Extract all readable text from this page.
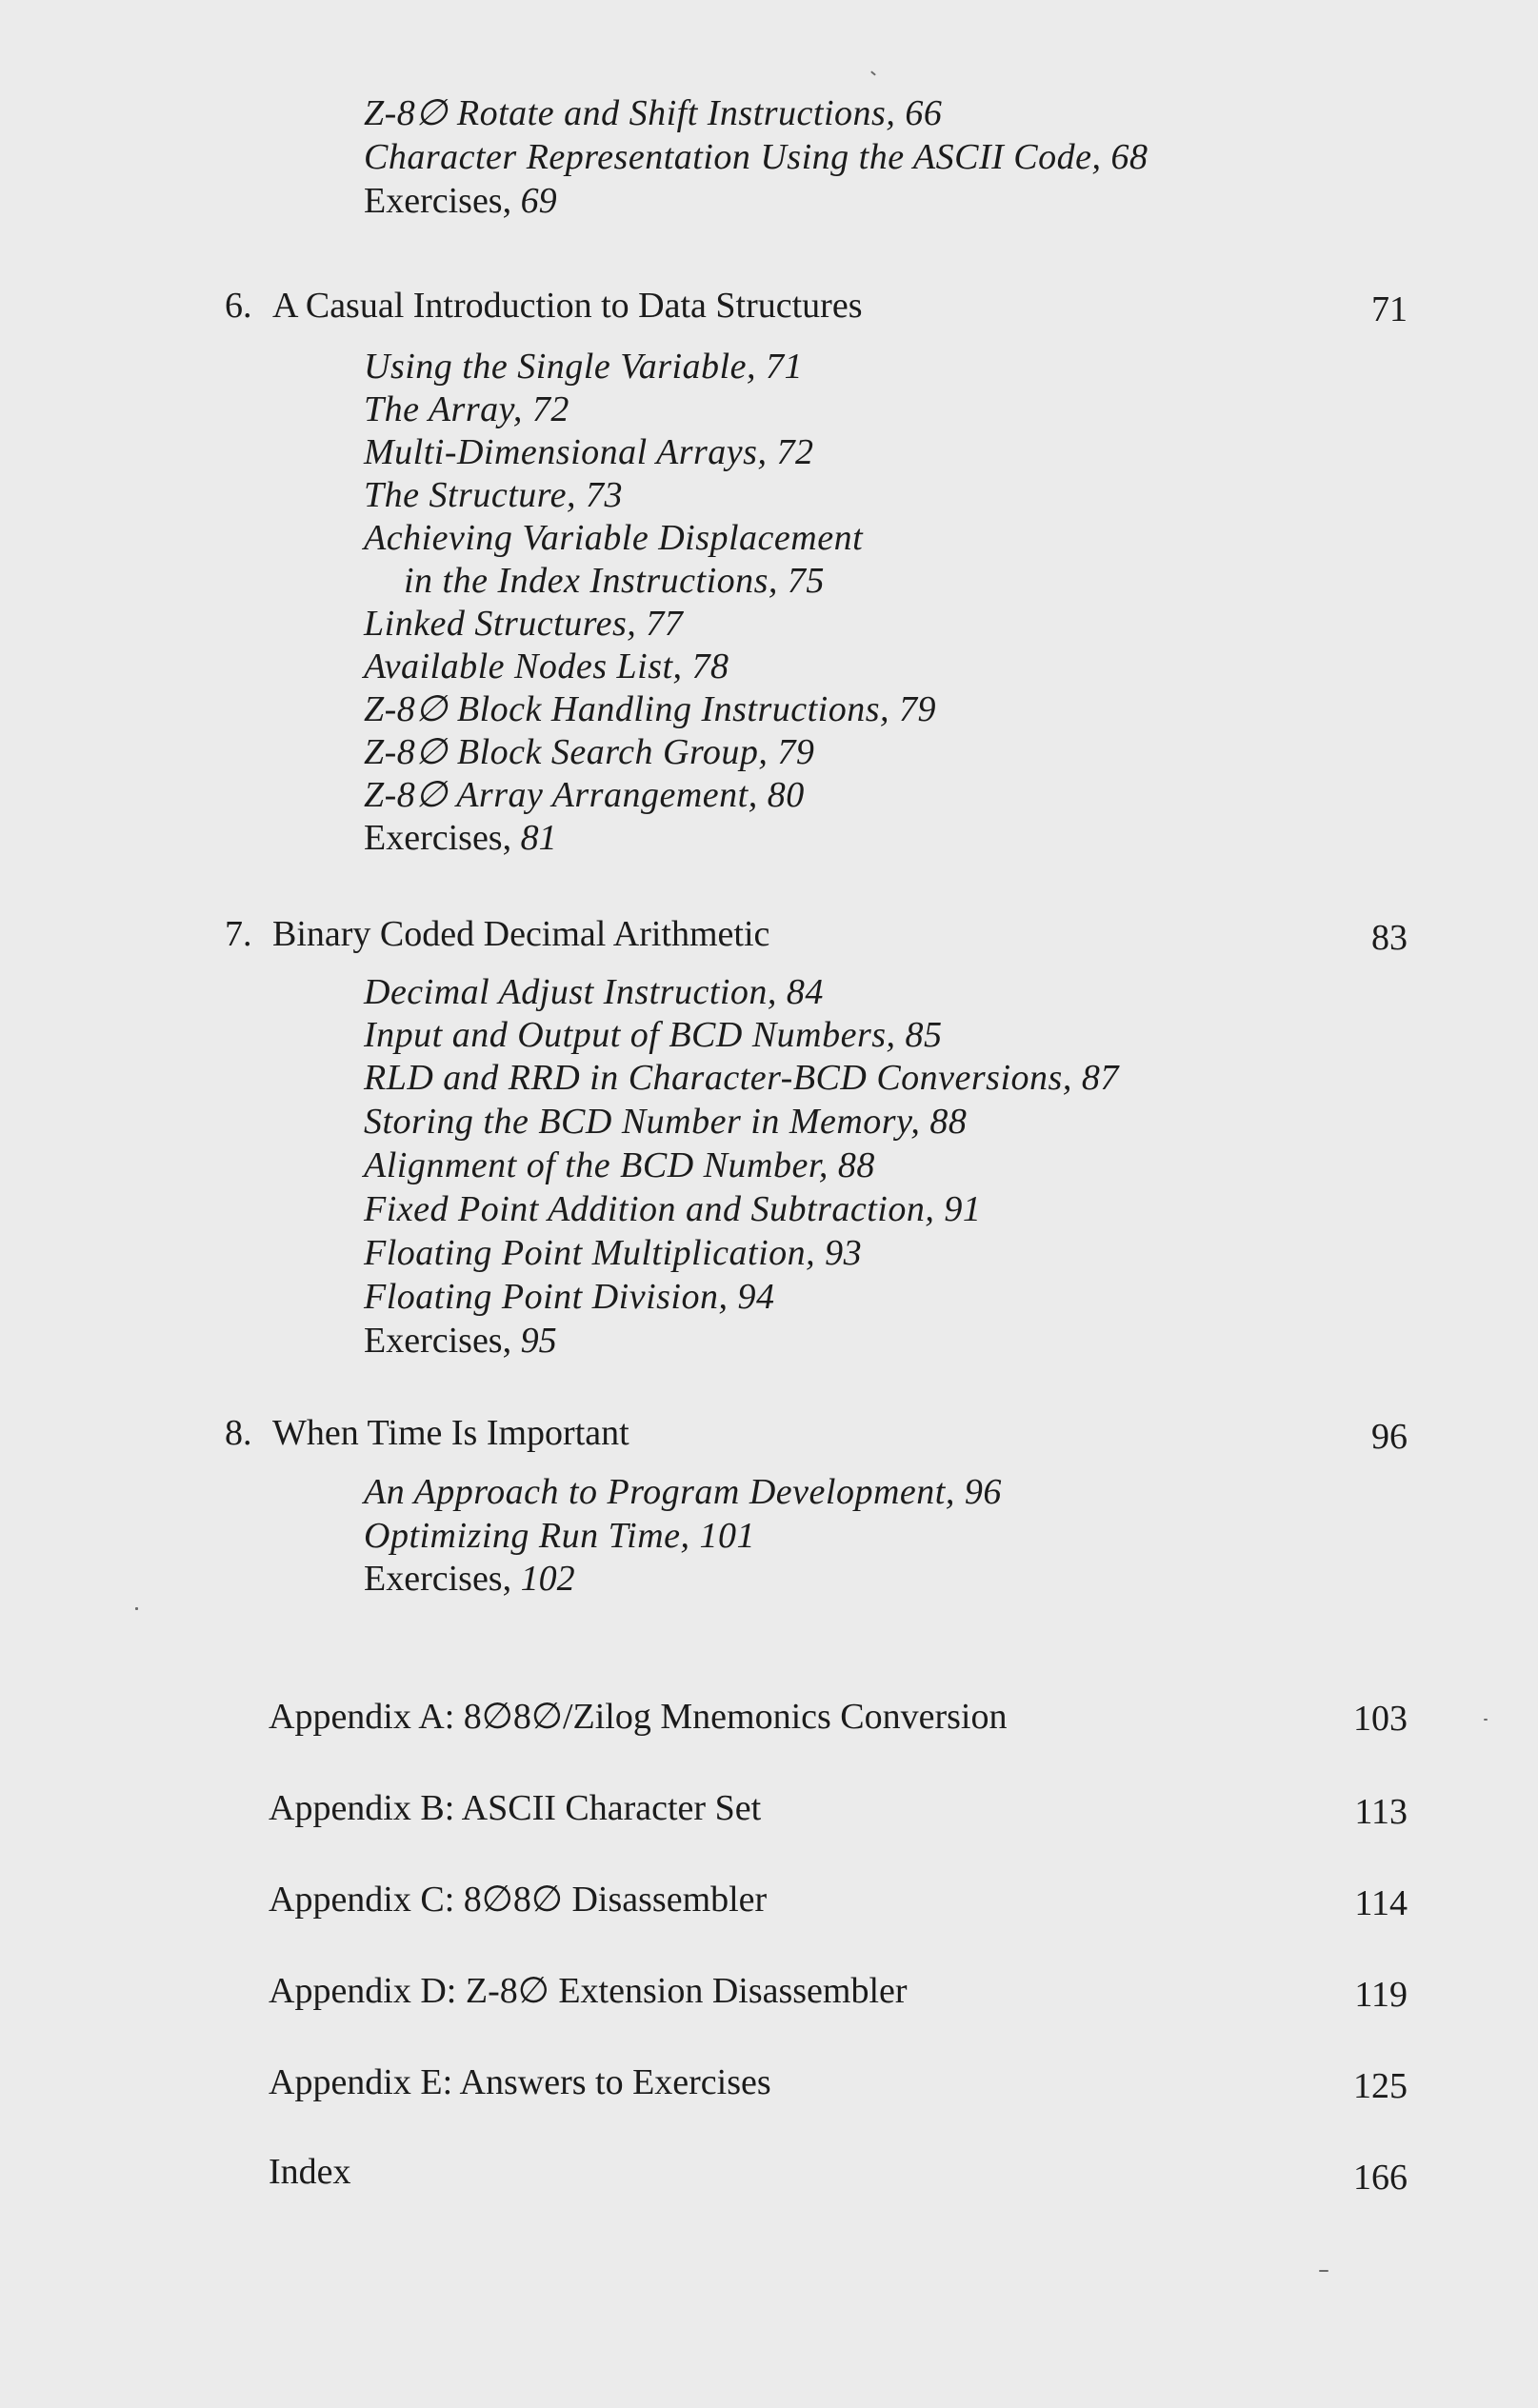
Z-8∅ Rotate and Shift Instructions, 66
Character Representation Using the ASCII Code, 68
Exercises, 69
6. A Casual Introduction to Data Structures	71
Using the Single Variable, 71
The Array, 72
Multi-Dimensional Arrays, 72
The Structure, 73
Achieving Variable Displacement
in the Index Instructions, 75
Linked Structures, 77
Available Nodes List, 78
Z-8∅ Block Handling Instructions, 79
Z-8∅ Block Search Group, 79
Z-8∅ Array Arrangement, 80
Exercises, 81
7. Binary Coded Decimal Arithmetic	83
Decimal Adjust Instruction, 84
Input and Output of BCD Numbers, 85
RLD and RRD in Character-BCD Conversions, 87
Storing the BCD Number in Memory, 88
Alignment of the BCD Number, 88
Fixed Point Addition and Subtraction, 91
Floating Point Multiplication, 93
Floating Point Division, 94
Exercises, 95
8. When Time Is Important	96
An Approach to Program Development, 96
Optimizing Run Time, 101
Exercises, 102
Appendix A: 8∅8∅/Zilog Mnemonics Conversion	103
Appendix B: ASCII Character Set	113
Appendix C: 8∅8∅ Disassembler	114
Appendix D: Z-8∅ Extension Disassembler	119
Appendix E: Answers to Exercises	125
Index	166
